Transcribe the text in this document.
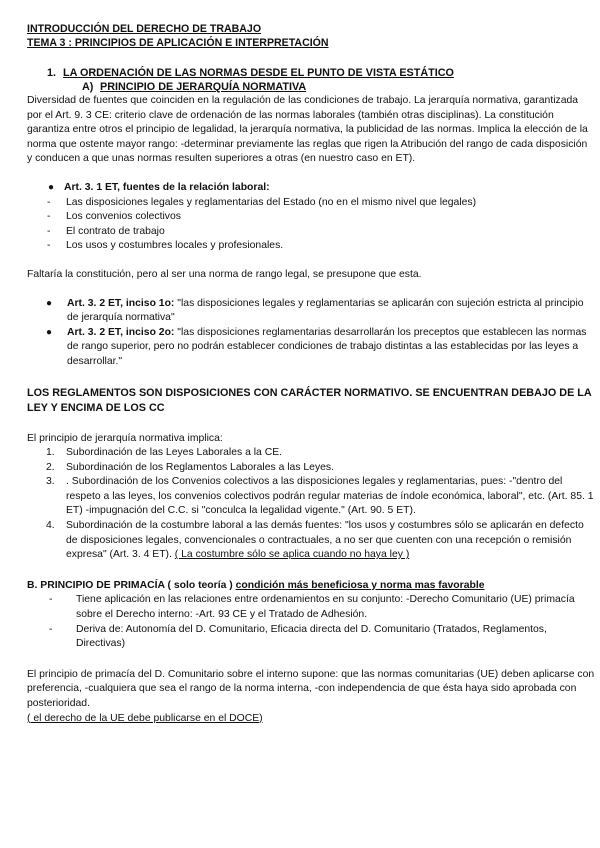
INTRODUCCIÓN DEL DERECHO DE TRABAJO
TEMA 3 : PRINCIPIOS DE APLICACIÓN E INTERPRETACIÓN
1. LA ORDENACIÓN DE LAS NORMAS DESDE EL PUNTO DE VISTA ESTÁTICO
A) PRINCIPIO DE JERARQUÍA NORMATIVA

Diversidad de fuentes que coinciden en la regulación de las condiciones de trabajo. La jerarquía normativa, garantizada por el Art. 9. 3 CE: criterio clave de ordenación de las normas laborales (también otras disciplinas). La constitución garantiza entre otros el principio de legalidad, la jerarquía normativa, la publicidad de las normas. Implica la elección de la norma que ostente mayor rango: -determinar previamente las reglas que rigen la Atribución del rango de cada disposición y conducen a que unas normas resulten superiores a otras (en nuestro caso en ET).

● Art. 3. 1 ET, fuentes de la relación laboral:
- Las disposiciones legales y reglamentarias del Estado (no en el mismo nivel que legales)
- Los convenios colectivos
- El contrato de trabajo
- Los usos y costumbres locales y profesionales.

Faltaría la constitución, pero al ser una norma de rango legal, se presupone que esta.

● Art. 3. 2 ET, inciso 1o: "las disposiciones legales y reglamentarias se aplicarán con sujeción estricta al principio de jerarquía normativa"
● Art. 3. 2 ET, inciso 2o: "las disposiciones reglamentarias desarrollarán los preceptos que establecen las normas de rango superior, pero no podrán establecer condiciones de trabajo distintas a las establecidas por las leyes a desarrollar."

LOS REGLAMENTOS SON DISPOSICIONES CON CARÁCTER NORMATIVO. SE ENCUENTRAN DEBAJO DE LA LEY Y ENCIMA DE LOS CC

El principio de jerarquía normativa implica:

1. Subordinación de las Leyes Laborales a la CE.
2. Subordinación de los Reglamentos Laborales a las Leyes.
3. . Subordinación de los Convenios colectivos a las disposiciones legales y reglamentarias, pues: -"dentro del respeto a las leyes, los convenios colectivos podrán regular materias de índole económica, laboral", etc. (Art. 85. 1 ET) -impugnación del C.C. si "conculca la legalidad vigente." (Art. 90. 5 ET).
4. Subordinación de la costumbre laboral a las demás fuentes: "los usos y costumbres sólo se aplicarán en defecto de disposiciones legales, convencionales o contractuales, a no ser que cuenten con una recepción o remisión expresa" (Art. 3. 4 ET). ( La costumbre sólo se aplica cuando no haya ley )
B. PRINCIPIO DE PRIMACÍA ( solo teoría ) condición más beneficiosa y norma mas favorable
- Tiene aplicación en las relaciones entre ordenamientos en su conjunto: -Derecho Comunitario (UE) primacía sobre el Derecho interno: -Art. 93 CE y el Tratado de Adhesión.
- Deriva de: Autonomía del D. Comunitario, Eficacia directa del D. Comunitario (Tratados, Reglamentos, Directivas)

El principio de primacía del D. Comunitario sobre el interno supone: que las normas comunitarias (UE) deben aplicarse con preferencia, -cualquiera que sea el rango de la norma interna, -con independencia de que ésta haya sido aprobada con posterioridad.

( el derecho de la UE debe publicarse en el DOCE)
